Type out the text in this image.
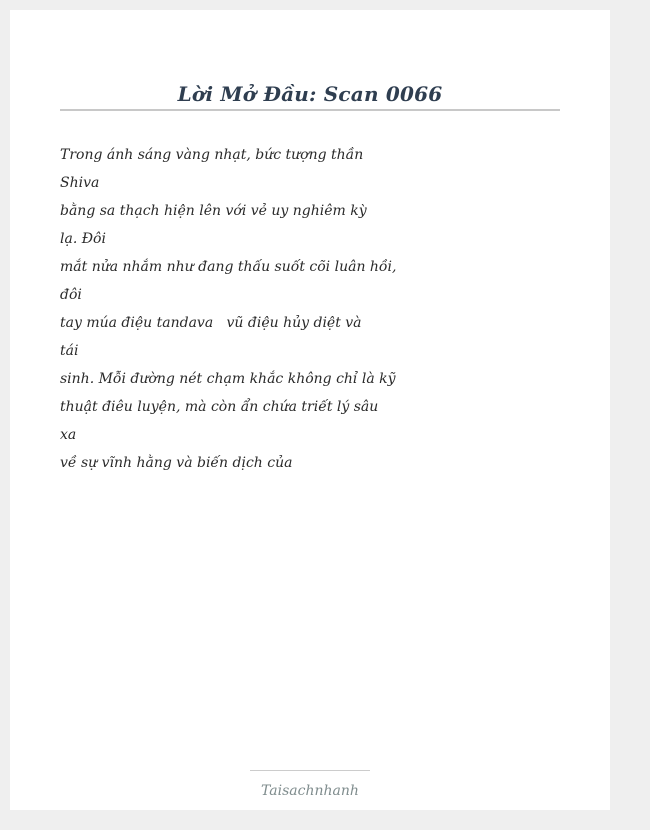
Lời Mở Đầu: Scan 0066
Trong ánh sáng vàng nhạt, bức tượng thần
Shiva
bằng sa thạch hiện lên với vẻ uy nghiêm kỳ
lạ. Đôi
mắt nửa nhắm như đang thấu suốt cõi luân hồi,
đôi
tay múa điệu tandava   vũ điệu hủy diệt và
tái
sinh. Mỗi đường nét chạm khắc không chỉ là kỹ
thuật điêu luyện, mà còn ẩn chứa triết lý sâu
xa
về sự vĩnh hằng và biến dịch của
Taisachnhanh
